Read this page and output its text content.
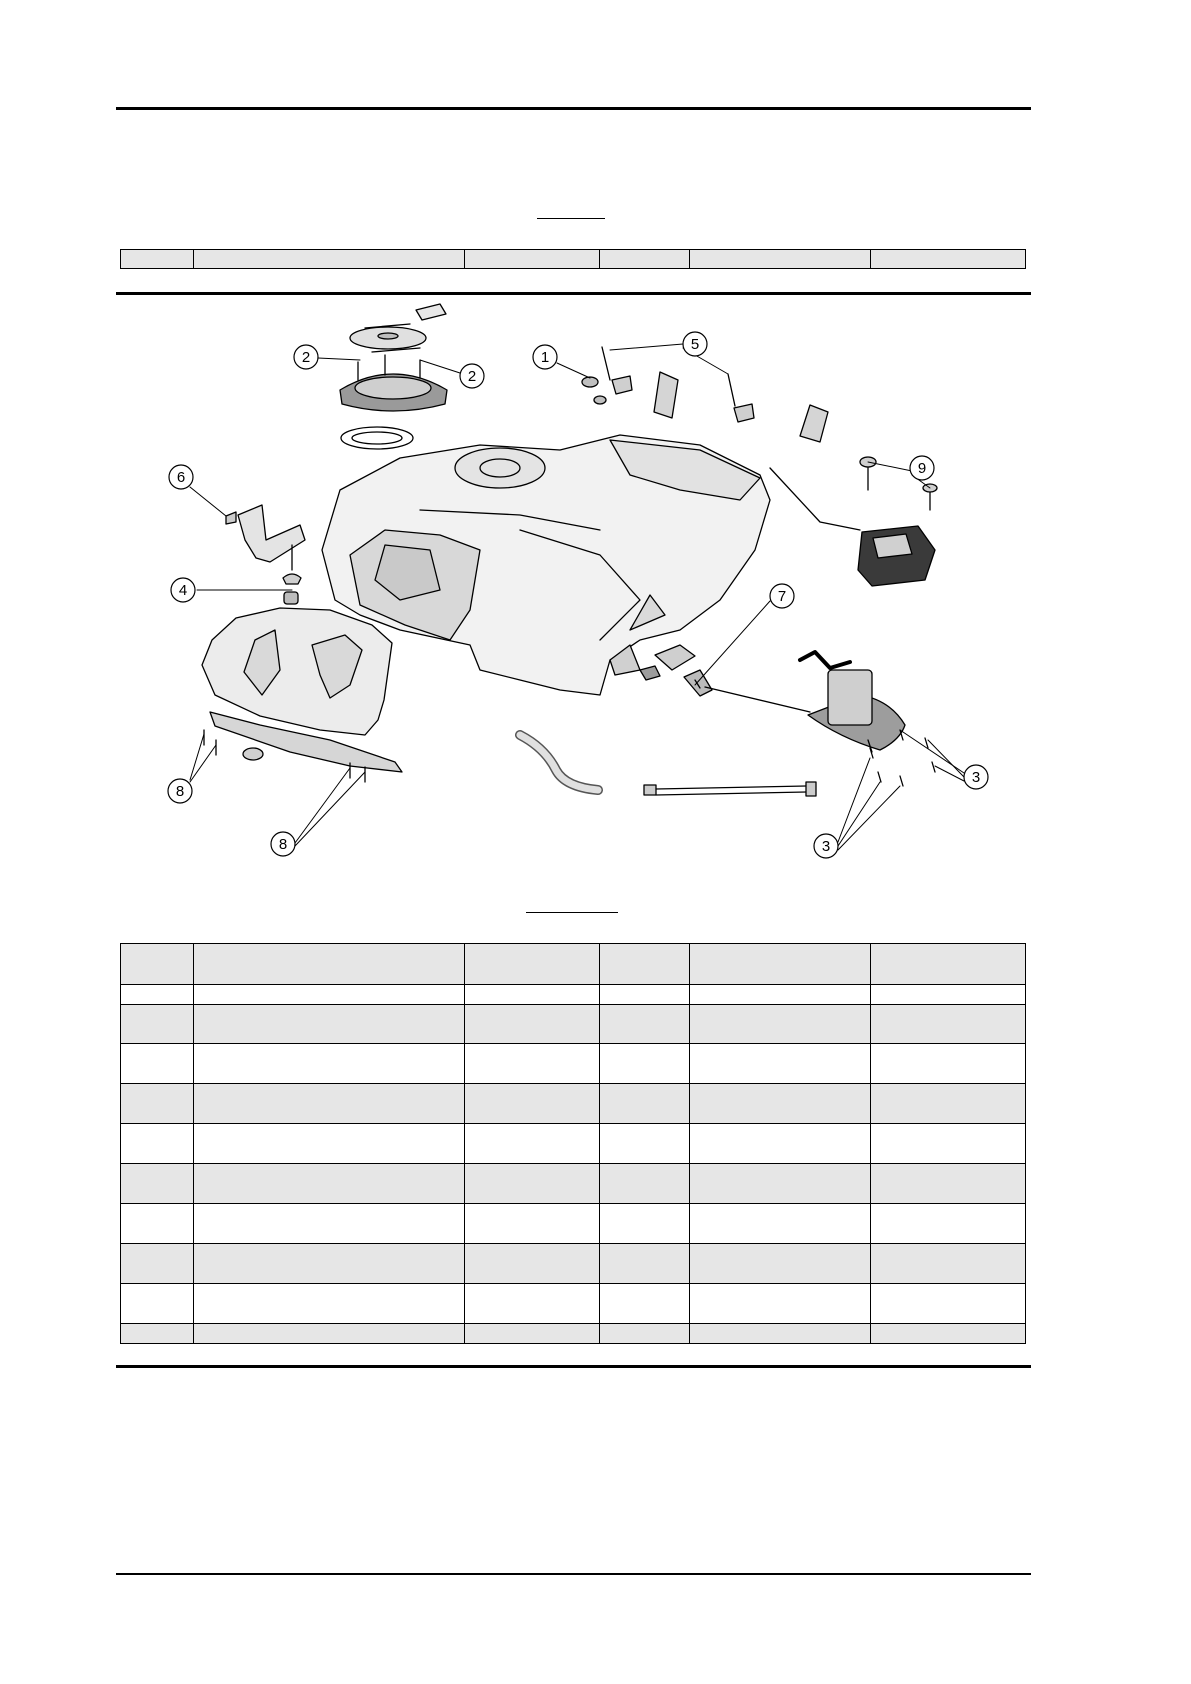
1
2
2
3
3
4
5
6
7
8
8
9
